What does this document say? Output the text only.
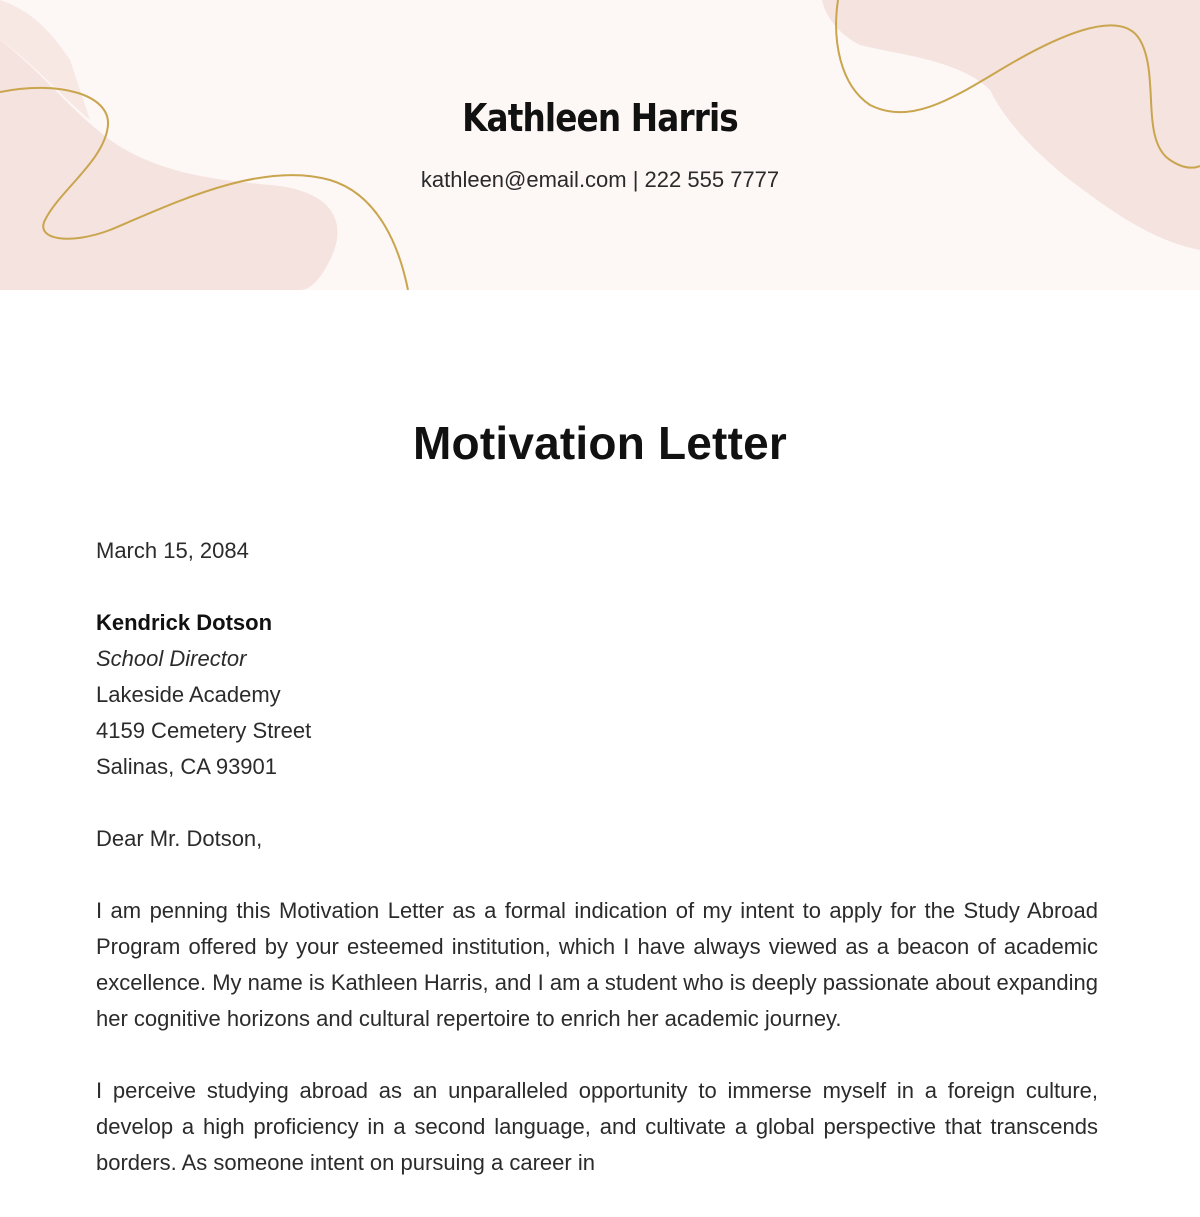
Kathleen Harris
kathleen@email.com | 222 555 7777
Motivation Letter
March 15, 2084
Kendrick Dotson
School Director
Lakeside Academy
4159 Cemetery Street
Salinas, CA 93901
Dear Mr. Dotson,

I am penning this Motivation Letter as a formal indication of my intent to apply for the Study Abroad Program offered by your esteemed institution, which I have always viewed as a beacon of academic excellence. My name is Kathleen Harris, and I am a student who is deeply passionate about expanding her cognitive horizons and cultural repertoire to enrich her academic journey.

I perceive studying abroad as an unparalleled opportunity to immerse myself in a foreign culture, develop a high proficiency in a second language, and cultivate a global perspective that transcends borders. As someone intent on pursuing a career in
